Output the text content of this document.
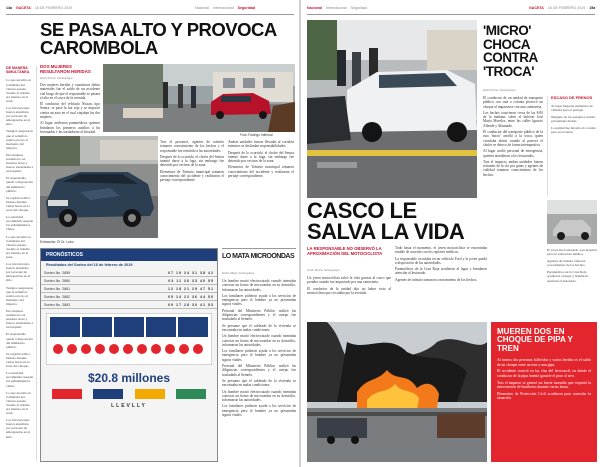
14a GACETA 16 DE FEBRERO 2019	Nacional Internacional Seguridad
SE PASA ALTO Y PROVOCA CAROMBOLA
DE MANERA SIMULTÁNEA

Lo que sucedió en la mañana del viernes pasado, cuando el tránsito era intenso en la zona.

Los involucrados fueron atendidos por personal de emergencias en el sitio.

Testigos aseguraron que el semáforo estaba en rojo al momento del impacto.

Dos mujeres resultaron con lesiones leves y fueron trasladadas a un hospital.

El responsable quedó a disposición del ministerio público.

Se registró tráfico intenso durante varias horas en la zona del choque.

La autoridad recomienda respetar los señalamientos viales.

Lo que sucedió en la mañana del viernes pasado, cuando el tránsito era intenso en la zona.

Los involucrados fueron atendidos por personal de emergencias en el sitio.

Testigos aseguraron que el semáforo estaba en rojo al momento del impacto.

Dos mujeres resultaron con lesiones leves y fueron trasladadas a un hospital.

El responsable quedó a disposición del ministerio público.

Se registró tráfico intenso durante varias horas en la zona del choque.

La autoridad recomienda respetar los señalamientos viales.

Lo que sucedió en la mañana del viernes pasado, cuando el tránsito era intenso en la zona.

Los involucrados fueron atendidos por personal de emergencias en el sitio.

DOS MUJERES RESULTARON HERIDAS
Isidro Pérez, Somosplaya

Dos mujeres heridas y cuantiosos daños materiales fue el saldo de un accidente vial luego de que el responsable se pasara el alto en el cruce de la avenida.

El conductor del vehículo Nissan, tipo Sentra, se pasó la luz roja y se impactó contra un auto en el cual viajaban las dos mujeres.

Al lugar arribaron paramédicos quienes brindaron los primeros auxilios a las lesionadas y las trasladaron al hospital.

Foto: Rodrigo Infiernal

Tras el percance, agentes de tránsito tomaron conocimiento de los hechos y el responsable fue remitido a las autoridades.

Después de lo ocurrido, el chofer del Sentra intentó darse a la fuga, sin embargo fue detenido por vecinos de la zona.

Elementos de Tránsito municipal tomaron conocimiento del accidente y realizaron el peritaje correspondiente.

Ambas unidades fueron llevadas al corralón mientras se deslindan responsabilidades.

Después de lo ocurrido, el chofer del Sentra intentó darse a la fuga, sin embargo fue detenido por vecinos de la zona.

Elementos de Tránsito municipal tomaron conocimiento del accidente y realizaron el peritaje correspondiente.

Extracción: El Dr. Lobo
LO MATA MICROONDAS
Isidro Meza, Somosplaya

Un hombre murió electrocutado cuando intentaba conectar un horno de microondas en su domicilio, informaron las autoridades.

Los familiares pidieron ayuda a los servicios de emergencia pero el hombre ya no presentaba signos vitales.

Personal del Ministerio Público realizó las diligencias correspondientes y el cuerpo fue trasladado al Semefo.

Se presume que el cableado de la vivienda se encontraba en malas condiciones.

Un hombre murió electrocutado cuando intentaba conectar un horno de microondas en su domicilio, informaron las autoridades.

Los familiares pidieron ayuda a los servicios de emergencia pero el hombre ya no presentaba signos vitales.

Personal del Ministerio Público realizó las diligencias correspondientes y el cuerpo fue trasladado al Semefo.

Se presume que el cableado de la vivienda se encontraba en malas condiciones.

Un hombre murió electrocutado cuando intentaba conectar un horno de microondas en su domicilio, informaron las autoridades.

Los familiares pidieron ayuda a los servicios de emergencia pero el hombre ya no presentaba signos vitales.

PRONÓSTICOS
Resultados del Sorteo del 16 de febrero de 2019
Sorteo No. 2859	07 19 24 31 38 42
Sorteo No. 2860	03 11 26 33 40 55
Sorteo No. 2861	12 18 21 29 47 51
Sorteo No. 2862	05 14 22 36 44 50
Sorteo No. 2863	09 17 28 30 41 53
$20.8 millones
LLEVLLY
Nacional Internacional Seguridad	GACETA 16 DE FEBRERO 2019 15a
'MICRO' CHOCA CONTRA 'TROCA'
Isidro Pérez, Somosplaya

El conductor de un unidad de transporte público con ruta a colonia provocó un choque al impactarse con una camioneta.

Los hechos ocurrieron cerca de las 8:00 de la mañana, sobre el bulevar José María Morelos, entre las calles Ignacio Allende y Ahumada.

El conductor del transporte público de la ruta 'micro' arrolló a la troca, quien circulaba detrás cuando al parecer el chofer se detuvo de forma intempestiva.

Al lugar arribó personal de emergencia, quienes atendieron a los lesionados.

Tras el impacto, ambas unidades fueron retiradas de la vía por grúas y agentes de vialidad tomaron conocimiento de los hechos.

ESCASO DE FRENOS

Al lugar llegaron elementos de vialidad para el peritaje.

Ninguno de los pasajeros resultó gravemente herido.

La unidad fue llevada al corralón para su revisión.

CASCO LE SALVA LA VIDA
LA RESPONSABLE NO OBSERVÓ LA APROXIMACIÓN DEL MOTOCICLISTA
Jesús Vieira, Somosplaya

Un joven motociclista salvó la vida gracias al casco que portaba cuando fue impactado por una camioneta.

El conductor de la unidad dijo no haber visto al motociclista que circulaba por la avenida.

Todo hasta el momento, el joven motociclista se encontraba estable de acuerdo con los reportes médicos.

La responsable circulaba en un vehículo Ford y la joven quedó a disposición de las autoridades.

Paramédicos de la Cruz Roja acudieron al lugar y brindaron atención al lesionado.

Agentes de tránsito tomaron conocimiento de los hechos.

El joven fue trasladado a un hospital para su valoración médica.

Agentes de tránsito tomaron conocimiento de los hechos.

Paramédicos de la Cruz Roja acudieron al lugar y brindaron atención al lesionado.

MUEREN DOS EN CHOQUE DE PIPA Y TREN

Al menos dos personas fallecidas y varios heridos es el saldo de un choque entre un tren y una pipa.

El accidente ocurrió en las vías del ferrocarril, en donde el conductor de la pipa intentó ganarle el paso al tren.

Tras el impacto se generó un fuerte incendio que requirió la intervención de bomberos durante varias horas.

Elementos de Protección Civil acudieron para controlar la situación.
